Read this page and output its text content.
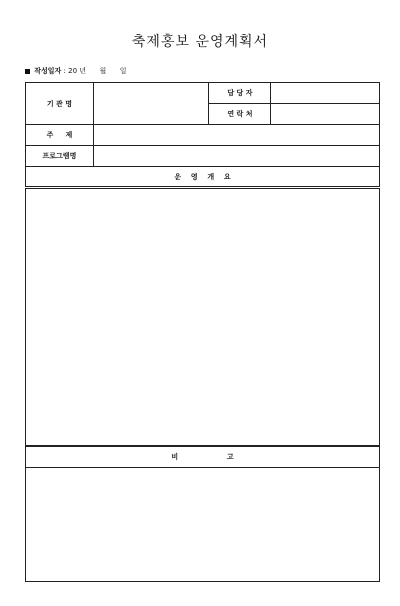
축제홍보 운영계획서
작성일자 : 20 년 월 일
기 관 명		담 당 자	
		연 락 처	
주     제			
프로그램명			
운    영    개    요			
비                    고
